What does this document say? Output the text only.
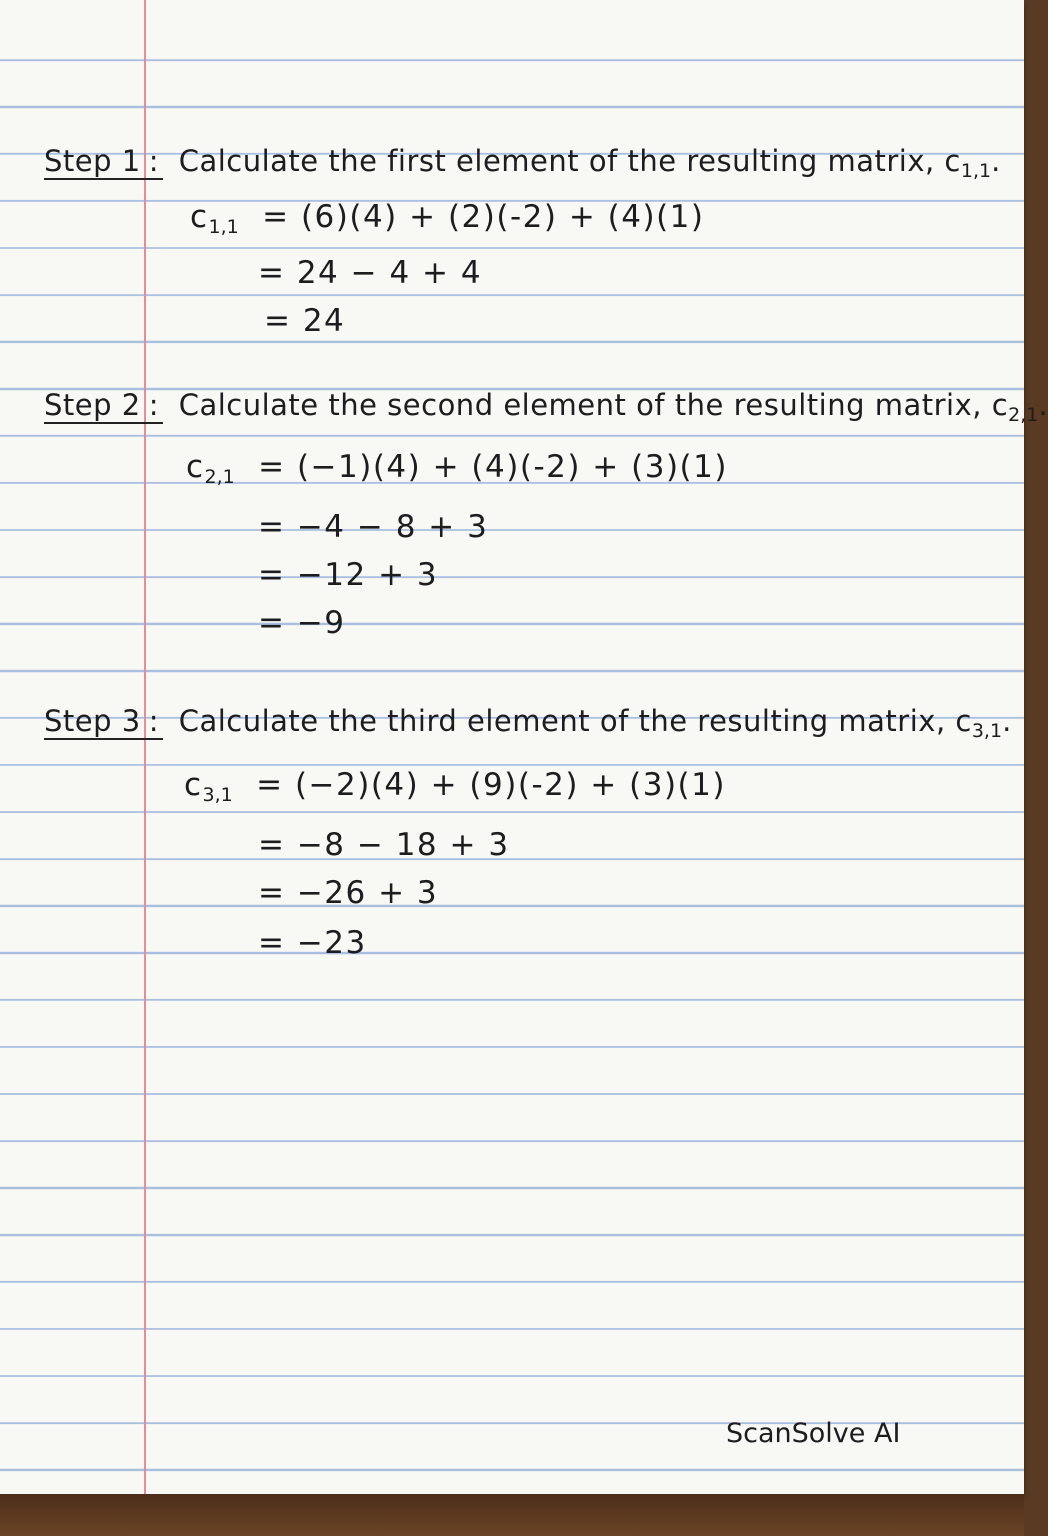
Step 1 : Calculate the first element of the resulting matrix, $c_{1,1}$.
$c_{1,1} = (6)(4) + (2)(-2) + (4)(1)$
= 24 − 4 + 4
= 24
Step 2 : Calculate the second element of the resulting matrix, $c_{2,1}$.
$c_{2,1} = (-1)(4) + (4)(-2) + (3)(1)$
= −4 − 8 + 3
= −12 + 3
= −9
Step 3 : Calculate the third element of the resulting matrix, $c_{3,1}$.
$c_{3,1} = (-2)(4) + (9)(-2) + (3)(1)$
= −8 − 18 + 3
= −26 + 3
= −23
ScanSolve AI
